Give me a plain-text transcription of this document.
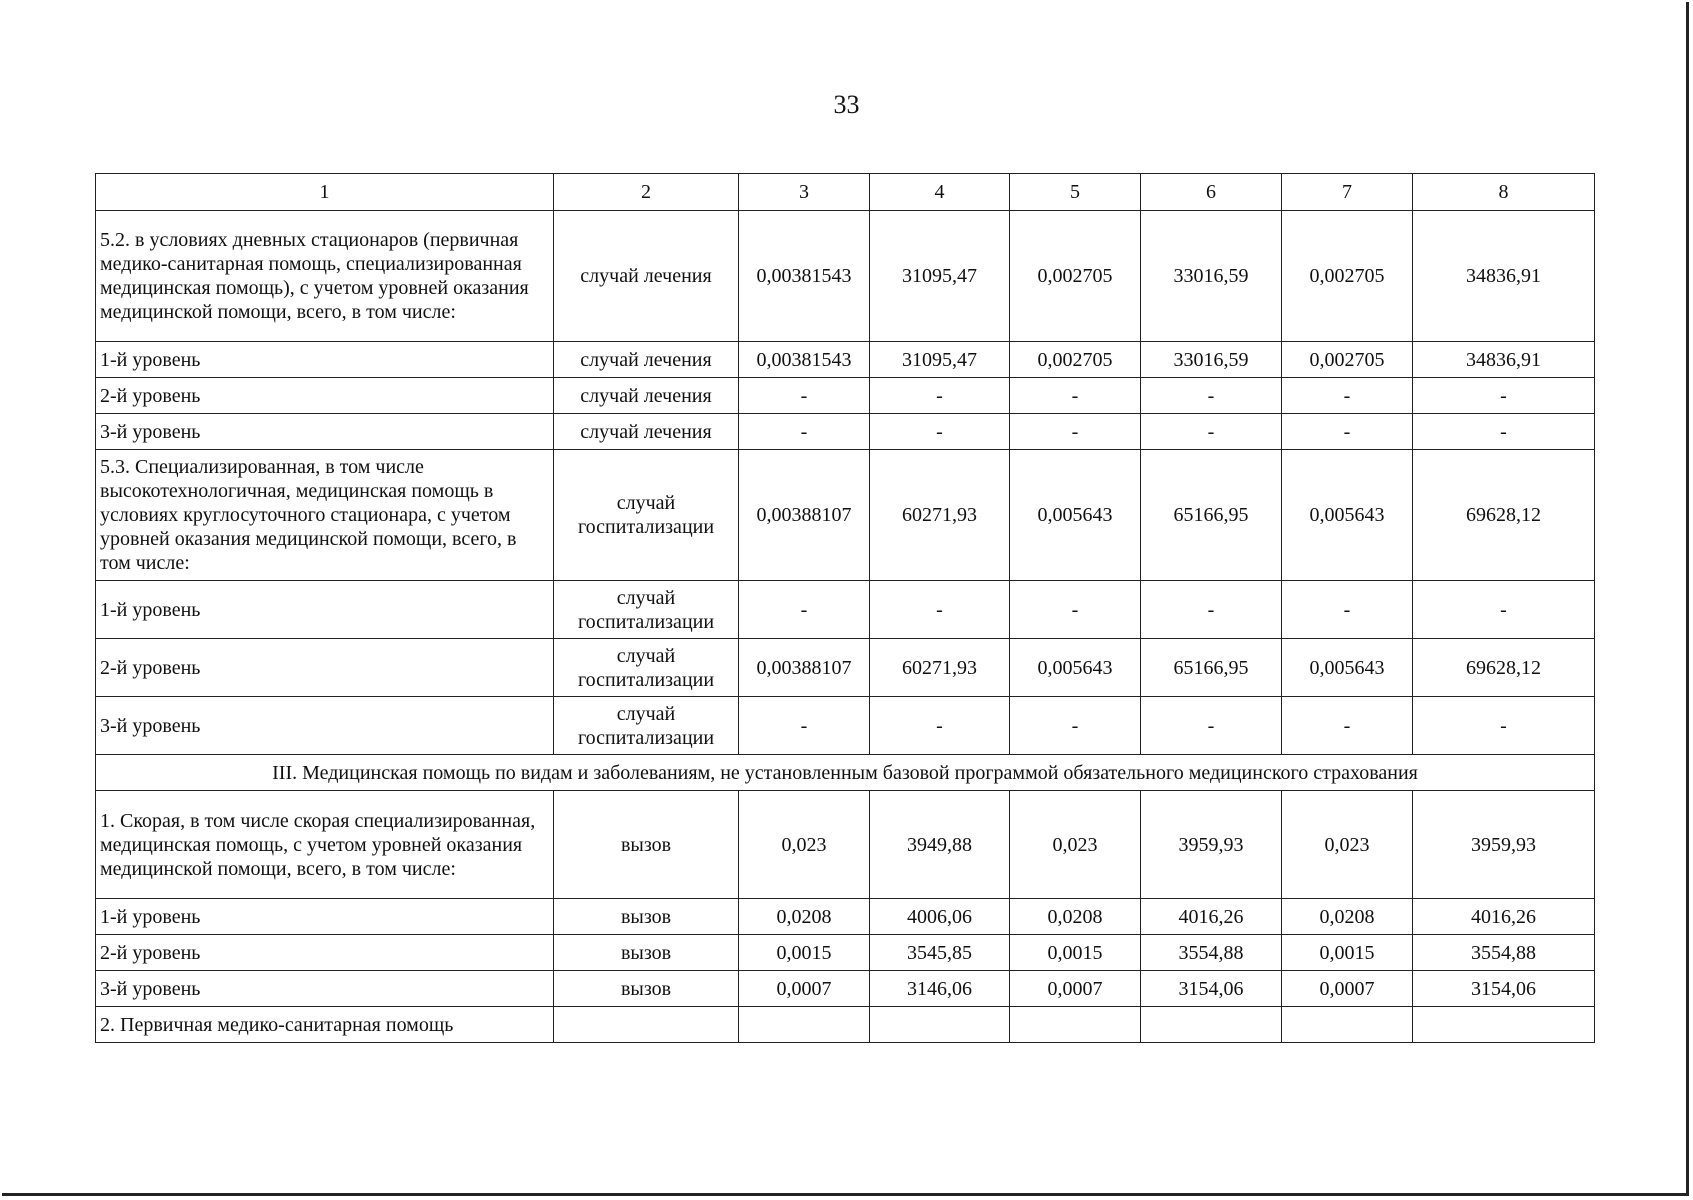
33
1	2	3	4	5	6	7	8
5.2. в условиях дневных стационаров (первичная медико-санитарная помощь, специализированная медицинская помощь), с учетом уровней оказания медицинской помощи, всего, в том числе:	случай лечения	0,00381543	31095,47	0,002705	33016,59	0,002705	34836,91
1-й уровень	случай лечения	0,00381543	31095,47	0,002705	33016,59	0,002705	34836,91
2-й уровень	случай лечения	-	-	-	-	-	-
3-й уровень	случай лечения	-	-	-	-	-	-
5.3. Специализированная, в том числе высокотехнологичная, медицинская помощь в условиях круглосуточного стационара, с учетом уровней оказания медицинской помощи, всего, в том числе:	случай госпитализации	0,00388107	60271,93	0,005643	65166,95	0,005643	69628,12
1-й уровень	случай госпитализации	-	-	-	-	-	-
2-й уровень	случай госпитализации	0,00388107	60271,93	0,005643	65166,95	0,005643	69628,12
3-й уровень	случай госпитализации	-	-	-	-	-	-
III. Медицинская помощь по видам и заболеваниям, не установленным базовой программой обязательного медицинского страхования							
1. Скорая, в том числе скорая специализированная, медицинская помощь, с учетом уровней оказания медицинской помощи, всего, в том числе:	вызов	0,023	3949,88	0,023	3959,93	0,023	3959,93
1-й уровень	вызов	0,0208	4006,06	0,0208	4016,26	0,0208	4016,26
2-й уровень	вызов	0,0015	3545,85	0,0015	3554,88	0,0015	3554,88
3-й уровень	вызов	0,0007	3146,06	0,0007	3154,06	0,0007	3154,06
2. Первичная медико-санитарная помощь							
